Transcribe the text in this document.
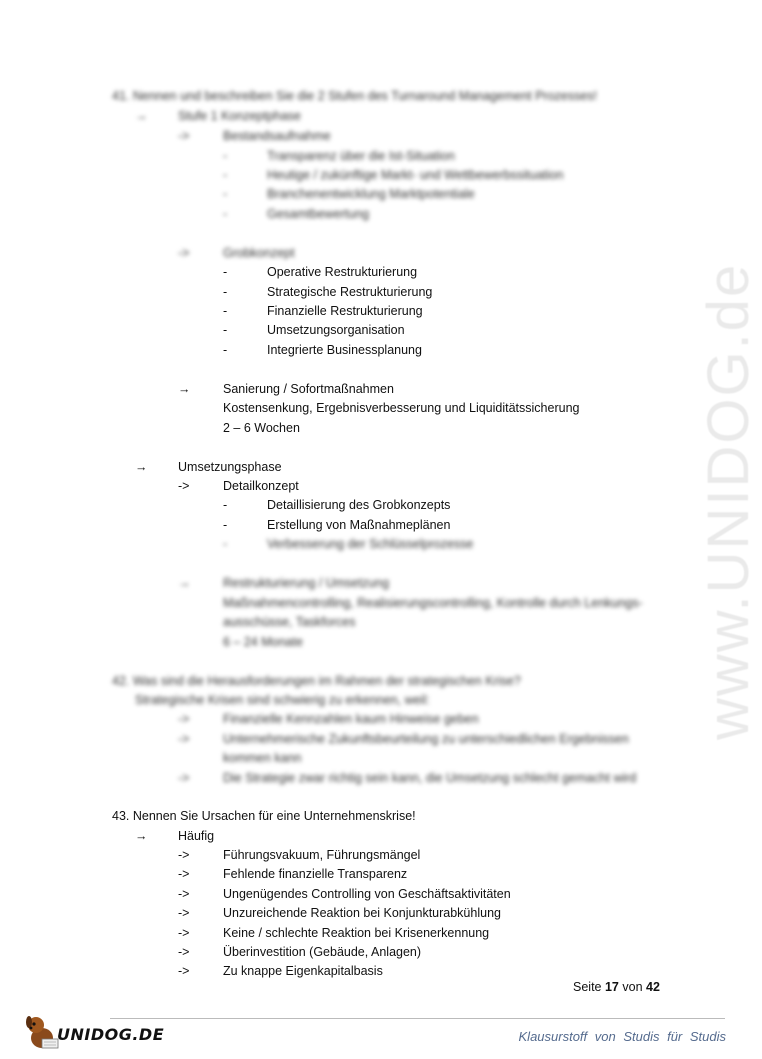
www.UNIDOG.de
41. Nennen und beschreiben Sie die 2 Stufen des Turnaround Management Prozesses!
→ Stufe 1 Konzeptphase
->	Bestandsaufnahme
-	Transparenz über die Ist-Situation
-	Heutige / zukünftige Markt- und Wettbewerbssituation
-	Branchenentwicklung Marktpotentiale
-	Gesamtbewertung
->	Grobkonzept
-	Operative Restrukturierung
-	Strategische Restrukturierung
-	Finanzielle Restrukturierung
-	Umsetzungsorganisation
-	Integrierte Businessplanung
→	Sanierung / Sofortmaßnahmen
Kostensenkung, Ergebnisverbesserung und Liquiditätssicherung
2 – 6 Wochen
→ Umsetzungsphase
->	Detailkonzept
-	Detaillisierung des Grobkonzepts
-	Erstellung von Maßnahmeplänen
-	Verbesserung der Schlüsselprozesse
→	Restrukturierung / Umsetzung
Maßnahmencontrolling, Realisierungscontrolling, Kontrolle durch Lenkungs-
ausschüsse, Taskforces
6 – 24 Monate
42. Was sind die Herausforderungen im Rahmen der strategischen Krise?
Strategische Krisen sind schwierig zu erkennen, weil:
->	Finanzielle Kennzahlen kaum Hinweise geben
->	Unternehmerische Zukunftsbeurteilung zu unterschiedlichen Ergebnissen
kommen kann
->	Die Strategie zwar richtig sein kann, die Umsetzung schlecht gemacht wird
43. Nennen Sie Ursachen für eine Unternehmenskrise!
→ Häufig
->	Führungsvakuum, Führungsmängel
->	Fehlende finanzielle Transparenz
->	Ungenügendes Controlling von Geschäftsaktivitäten
->	Unzureichende Reaktion bei Konjunkturabkühlung
->	Keine / schlechte Reaktion bei Krisenerkennung
->	Überinvestition (Gebäude, Anlagen)
->	Zu knappe Eigenkapitalbasis
Seite 17 von 42
UNIDOG.DE	Klausurstoff von Studis für Studis
